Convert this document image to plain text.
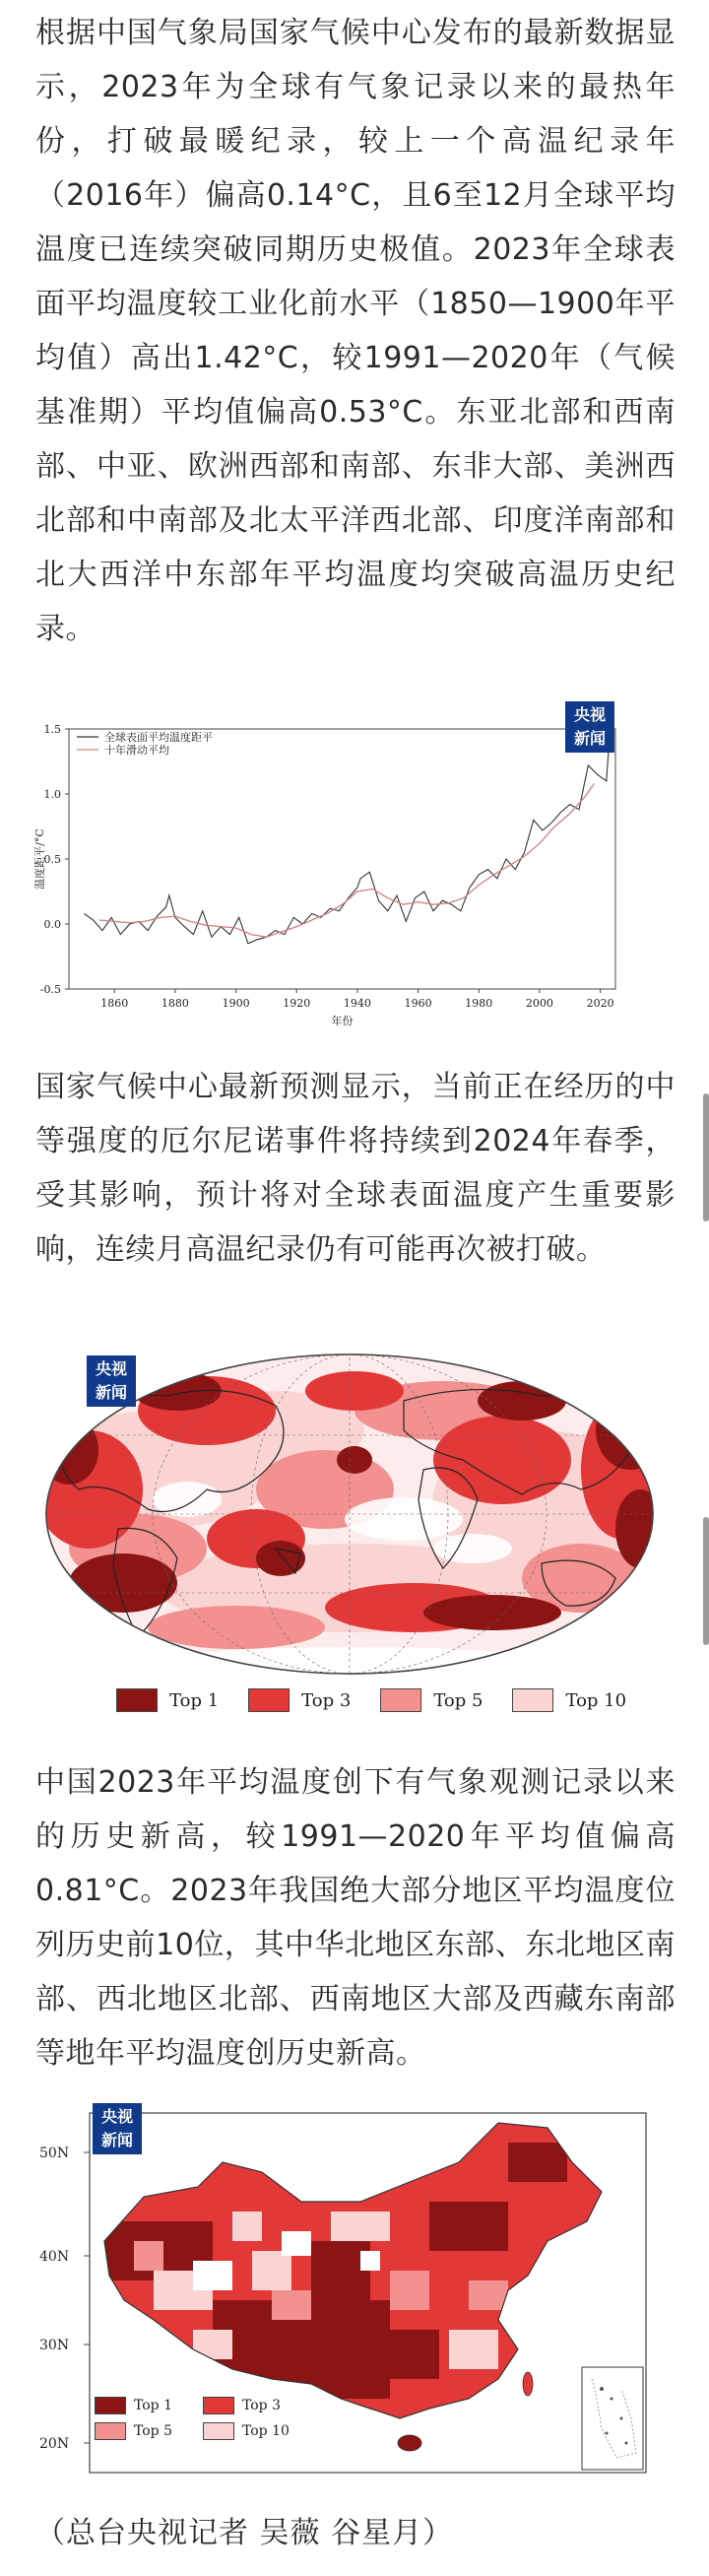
根据中国气象局国家气候中心发布的最新数据显示，2023年为全球有气象记录以来的最热年份，打破最暖纪录，较上一个高温纪录年（2016年）偏高0.14°C，且6至12月全球平均温度已连续突破同期历史极值。2023年全球表面平均温度较工业化前水平（1850—1900年平均值）高出1.42°C，较1991—2020年（气候基准期）平均值偏高0.53°C。东亚北部和西南部、中亚、欧洲西部和南部、东非大部、美洲西北部和中南部及北太平洋西北部、印度洋南部和北大西洋中东部年平均温度均突破高温历史纪录。

-0.5
0.0
0.5
1.0
1.5
1860	1880	1900	1920	1940	1960	1980	2000	2020
年份
温度距平/°C
全球表面平均温度距平
十年滑动平均
央视
新闻

国家气候中心最新预测显示，当前正在经历的中等强度的厄尔尼诺事件将持续到2024年春季，受其影响，预计将对全球表面温度产生重要影响，连续月高温纪录仍有可能再次被打破。

央视
新闻
Top 1	Top 3	Top 5	Top 10

中国2023年平均温度创下有气象观测记录以来的历史新高，较1991—2020年平均值偏高0.81°C。2023年我国绝大部分地区平均温度位列历史前10位，其中华北地区东部、东北地区南部、西北地区北部、西南地区大部及西藏东南部等地年平均温度创历史新高。

50N
40N
30N
20N
央视
新闻
Top 1	Top 3
Top 5	Top 10
（总台央视记者 吴薇 谷星月）
